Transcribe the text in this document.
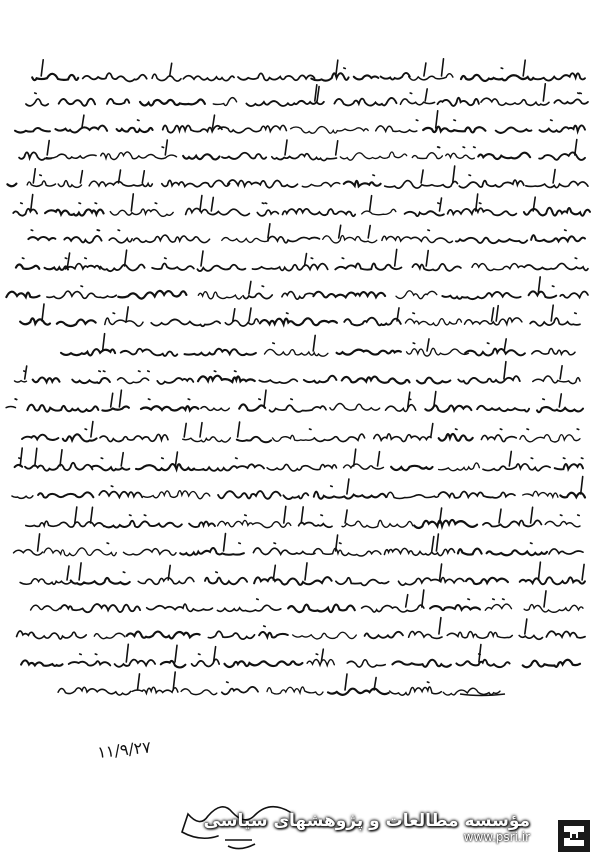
۱۱/۹/۲۷
مؤسسه مطالعات و پژوهشهای سیاسی
www.psri.ir
